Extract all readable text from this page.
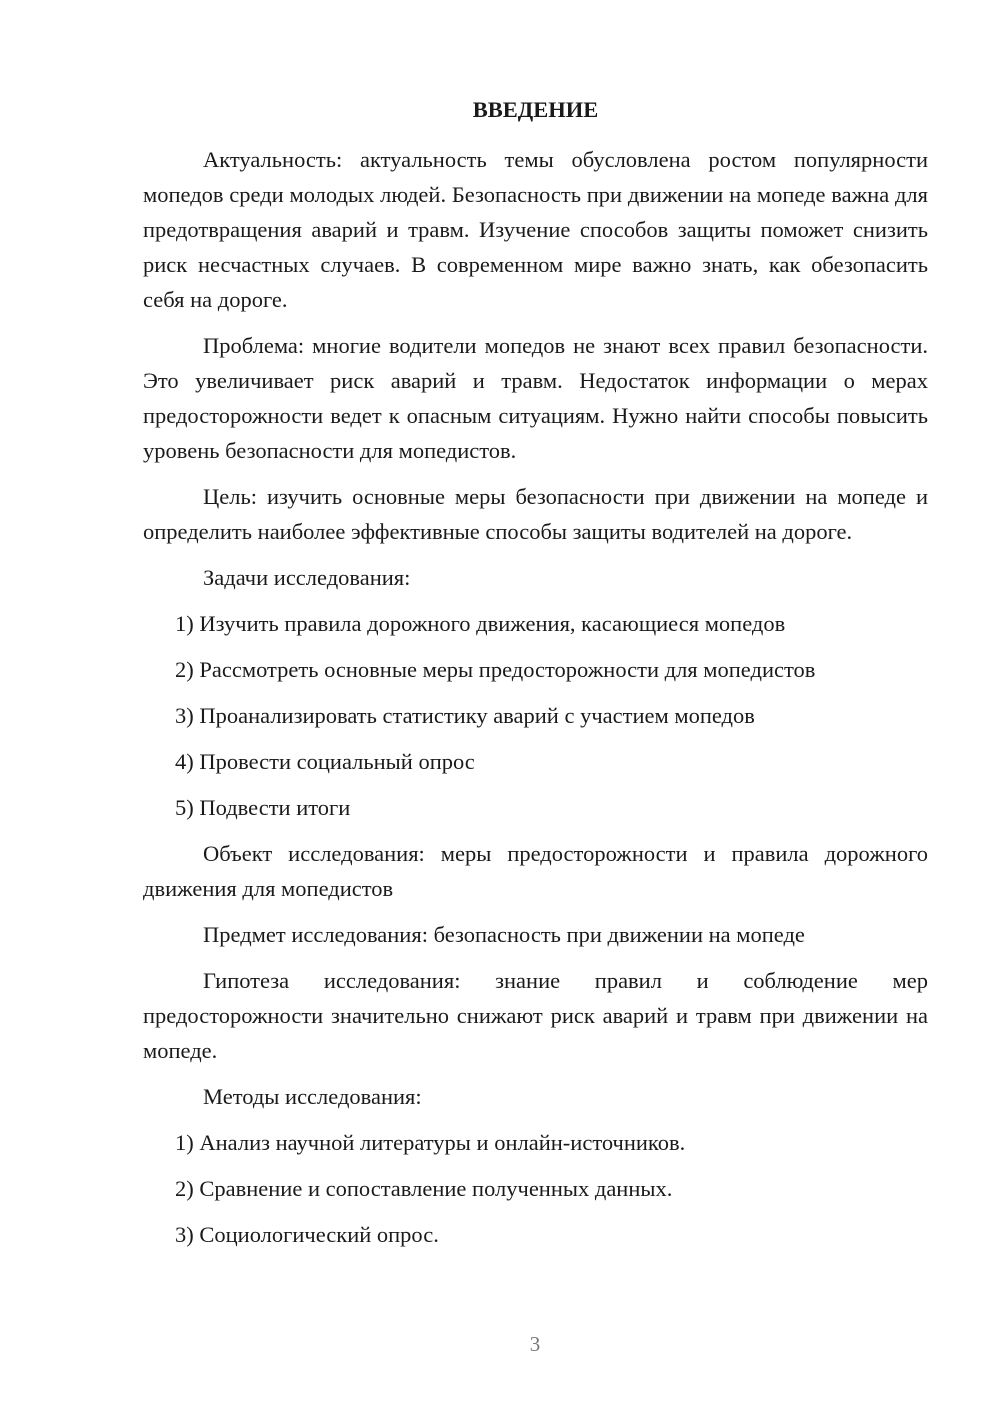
ВВЕДЕНИЕ

Актуальность: актуальность темы обусловлена ростом популярности мопедов среди молодых людей. Безопасность при движении на мопеде важна для предотвращения аварий и травм. Изучение способов защиты поможет снизить риск несчастных случаев. В современном мире важно знать, как обезопасить себя на дороге.

Проблема: многие водители мопедов не знают всех правил безопасности. Это увеличивает риск аварий и травм. Недостаток информации о мерах предосторожности ведет к опасным ситуациям. Нужно найти способы повысить уровень безопасности для мопедистов.

Цель: изучить основные меры безопасности при движении на мопеде и определить наиболее эффективные способы защиты водителей на дороге.

Задачи исследования:

1) Изучить правила дорожного движения, касающиеся мопедов
2) Рассмотреть основные меры предосторожности для мопедистов
3) Проанализировать статистику аварий с участием мопедов
4) Провести социальный опрос
5) Подвести итоги

Объект исследования: меры предосторожности и правила дорожного движения для мопедистов

Предмет исследования: безопасность при движении на мопеде

Гипотеза исследования: знание правил и соблюдение мер предосторожности значительно снижают риск аварий и травм при движении на мопеде.

Методы исследования:

1) Анализ научной литературы и онлайн-источников.
2) Сравнение и сопоставление полученных данных.
3) Социологический опрос.
3
